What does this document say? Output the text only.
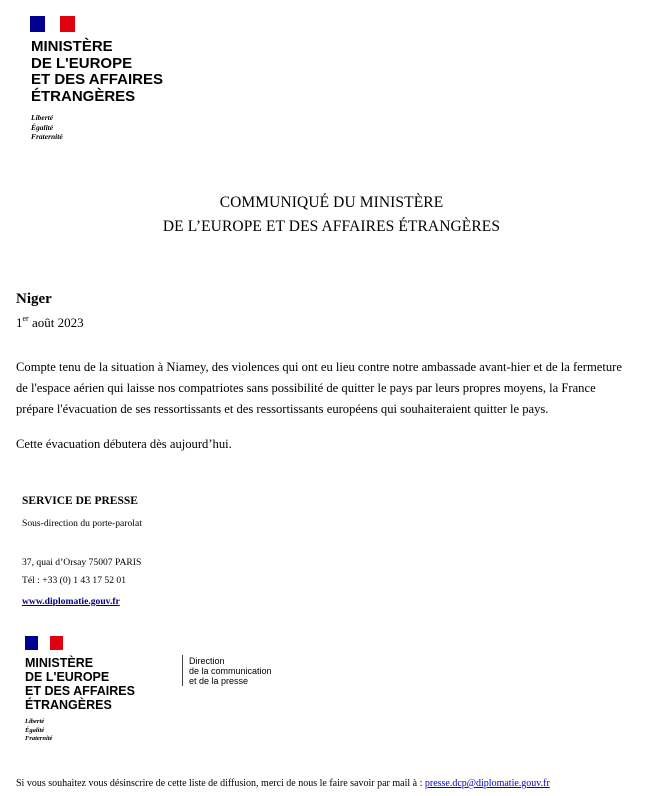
MINISTÈRE
DE L'EUROPE
ET DES AFFAIRES
ÉTRANGÈRES
Liberté
Égalité
Fraternité
COMMUNIQUÉ DU MINISTÈRE
DE L’EUROPE ET DES AFFAIRES ÉTRANGÈRES
Niger
1er août 2023
Compte tenu de la situation à Niamey, des violences qui ont eu lieu contre notre ambassade avant-hier et de la fermeture
de l'espace aérien qui laisse nos compatriotes sans possibilité de quitter le pays par leurs propres moyens, la France
prépare l'évacuation de ses ressortissants et des ressortissants européens qui souhaiteraient quitter le pays.
Cette évacuation débutera dès aujourd’hui.
SERVICE DE PRESSE
Sous-direction du porte-parolat
37, quai d’Orsay 75007 PARIS
Tél : +33 (0) 1 43 17 52 01
www.diplomatie.gouv.fr
MINISTÈRE
DE L'EUROPE
ET DES AFFAIRES
ÉTRANGÈRES
Liberté
Égalité
Fraternité
Direction
de la communication
et de la presse
Si vous souhaitez vous désinscrire de cette liste de diffusion, merci de nous le faire savoir par mail à : presse.dcp@diplomatie.gouv.fr
